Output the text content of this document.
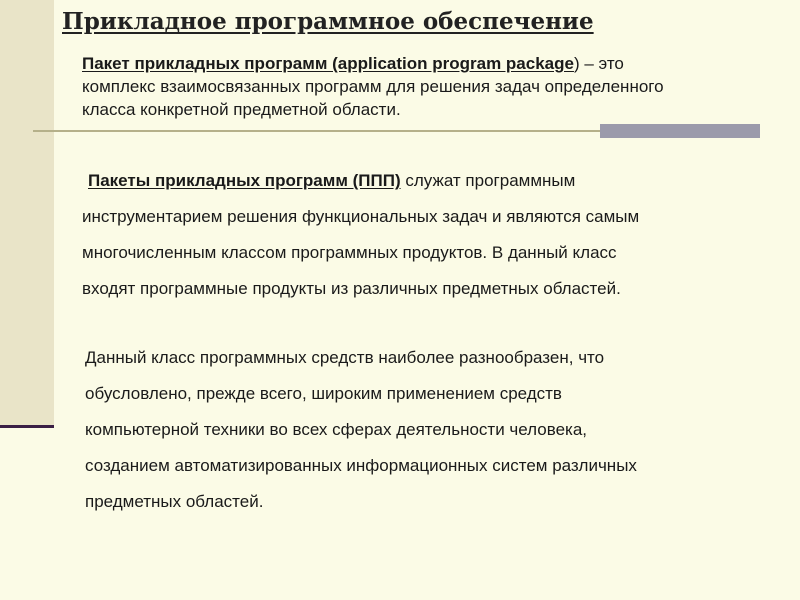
Прикладное программное обеспечение

Пакет прикладных программ (application program package) – это
комплекс взаимосвязанных программ для решения задач определенного
класса конкретной предметной области.

Пакеты прикладных программ (ППП) служат программным
инструментарием решения функциональных задач и являются самым
многочисленным классом программных продуктов. В данный класс
входят программные продукты из различных предметных областей.

Данный класс программных средств наиболее разнообразен, что
обусловлено, прежде всего, широким применением средств
компьютерной техники во всех сферах деятельности человека,
созданием автоматизированных информационных систем различных
предметных областей.
